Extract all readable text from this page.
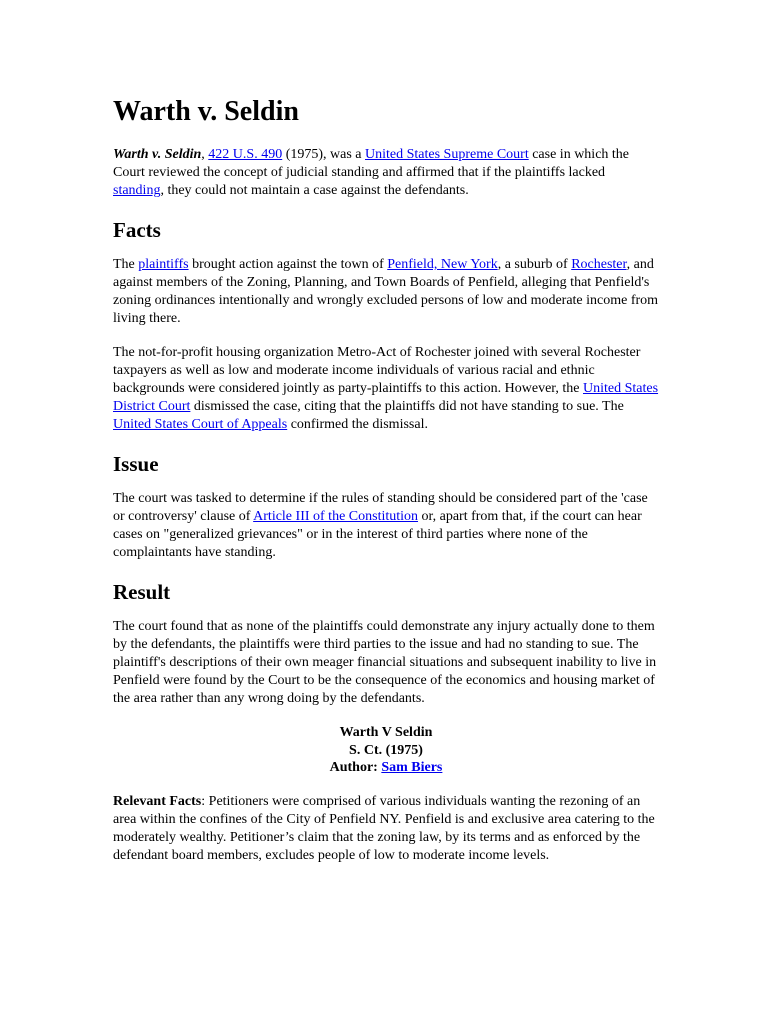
Warth v. Seldin

Warth v. Seldin, 422 U.S. 490 (1975), was a United States Supreme Court case in which the Court reviewed the concept of judicial standing and affirmed that if the plaintiffs lacked standing, they could not maintain a case against the defendants.

Facts

The plaintiffs brought action against the town of Penfield, New York, a suburb of Rochester, and against members of the Zoning, Planning, and Town Boards of Penfield, alleging that Penfield's zoning ordinances intentionally and wrongly excluded persons of low and moderate income from living there.

The not-for-profit housing organization Metro-Act of Rochester joined with several Rochester taxpayers as well as low and moderate income individuals of various racial and ethnic backgrounds were considered jointly as party-plaintiffs to this action. However, the United States District Court dismissed the case, citing that the plaintiffs did not have standing to sue. The United States Court of Appeals confirmed the dismissal.

Issue

The court was tasked to determine if the rules of standing should be considered part of the 'case or controversy' clause of Article III of the Constitution or, apart from that, if the court can hear cases on "generalized grievances" or in the interest of third parties where none of the complaintants have standing.

Result

The court found that as none of the plaintiffs could demonstrate any injury actually done to them by the defendants, the plaintiffs were third parties to the issue and had no standing to sue. The plaintiff's descriptions of their own meager financial situations and subsequent inability to live in Penfield were found by the Court to be the consequence of the economics and housing market of the area rather than any wrong doing by the defendants.

Warth V Seldin
S. Ct. (1975)
Author: Sam Biers

Relevant Facts: Petitioners were comprised of various individuals wanting the rezoning of an area within the confines of the City of Penfield NY. Penfield is and exclusive area catering to the moderately wealthy. Petitioner’s claim that the zoning law, by its terms and as enforced by the defendant board members, excludes people of low to moderate income levels.
